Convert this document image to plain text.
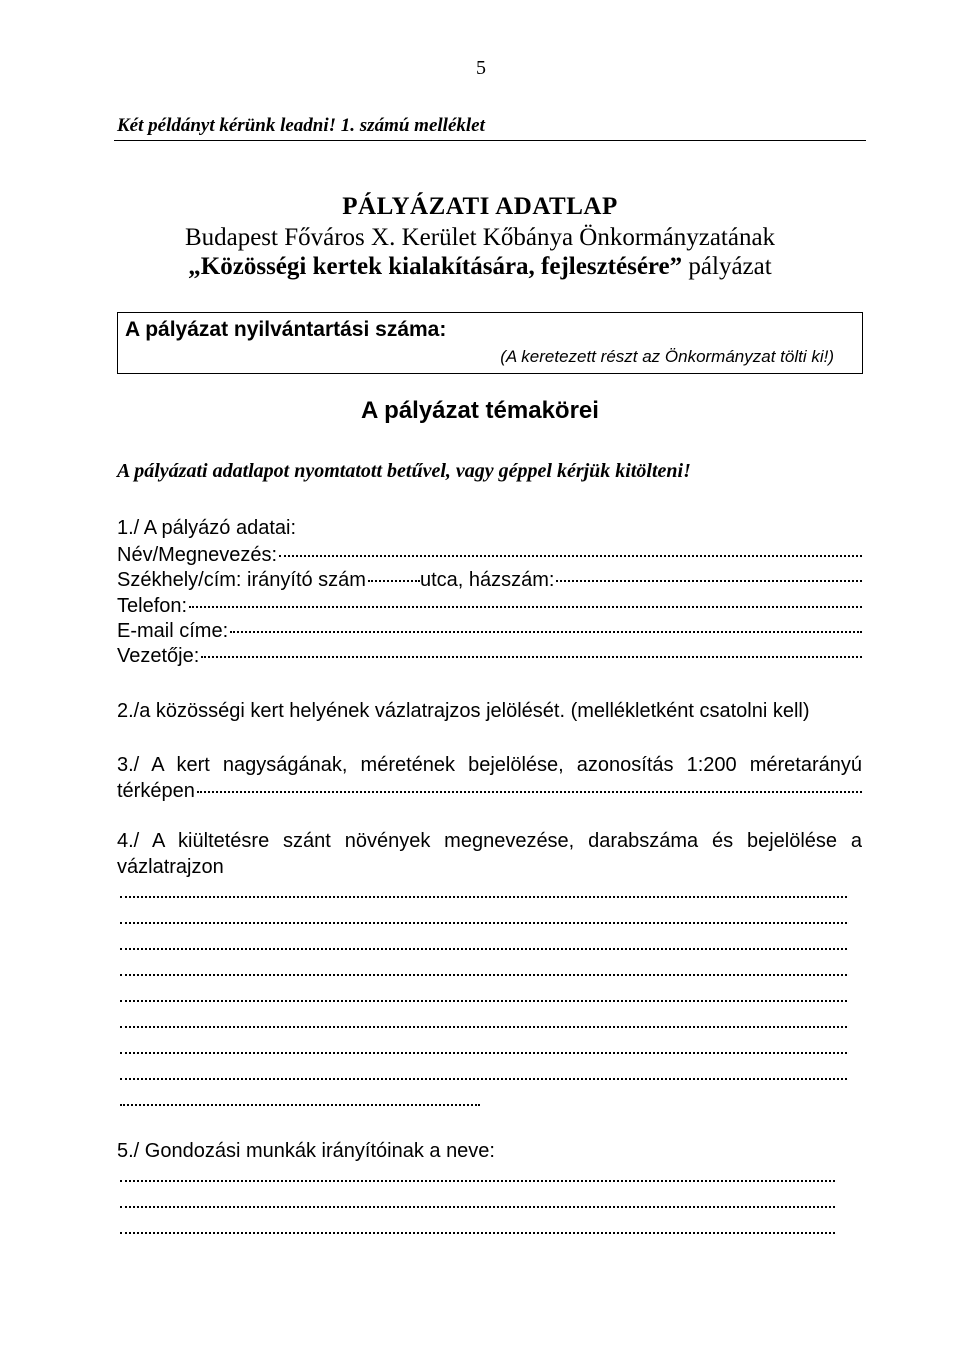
5
Két példányt kérünk leadni! 1. számú melléklet
PÁLYÁZATI ADATLAP
Budapest Főváros X. Kerület Kőbánya Önkormányzatának
„Közösségi kertek kialakítására, fejlesztésére” pályázat
A pályázat nyilvántartási száma:
(A keretezett részt az Önkormányzat tölti ki!)
A pályázat témakörei
A pályázati adatlapot nyomtatott betűvel, vagy géppel kérjük kitölteni!
1./ A pályázó adatai:
Név/Megnevezés:
Székhely/cím: irányító szám	utca, házszám:
Telefon:
E-mail címe:
Vezetője:
2./a közösségi kert helyének vázlatrajzos jelölését. (mellékletként csatolni kell)
3./ A kert nagyságának, méretének bejelölése, azonosítás 1:200 méretarányú
térképen
4./ A kiültetésre szánt növények megnevezése, darabszáma és bejelölése a
vázlatrajzon
5./ Gondozási munkák irányítóinak a neve:
